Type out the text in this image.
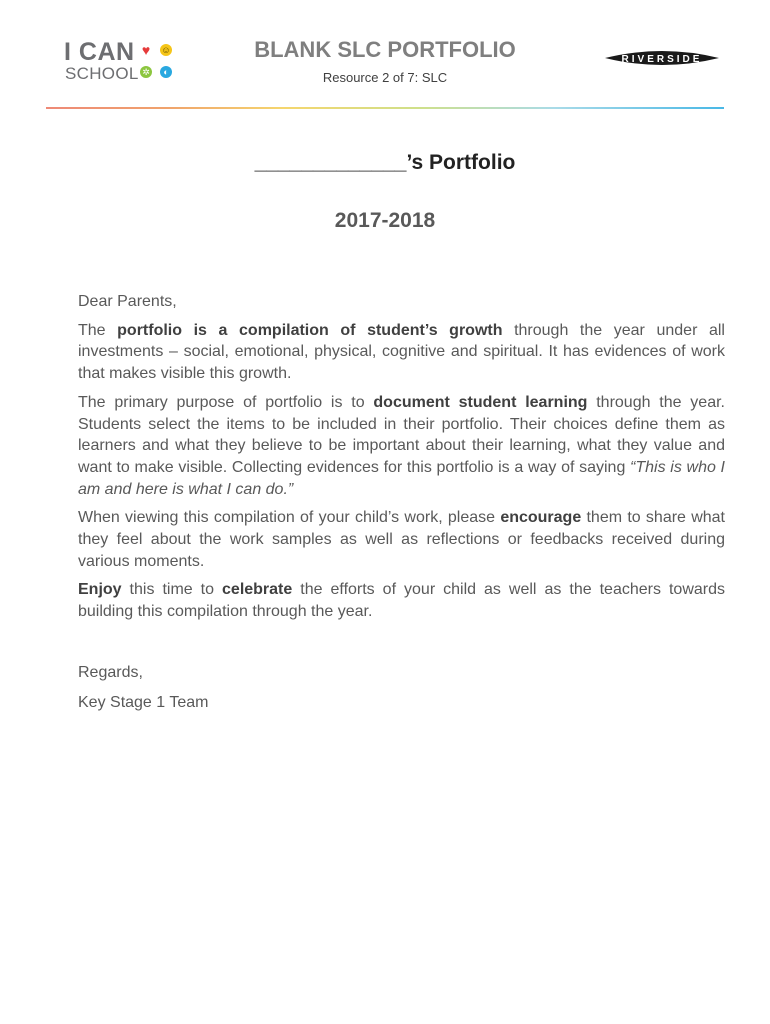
I CAN
SCHOOL
♥ ☺
✲	◐
BLANK SLC PORTFOLIO
Resource 2 of 7: SLC
RIVERSIDE
_____________’s Portfolio
2017-2018

Dear Parents,

The portfolio is a compilation of student’s growth through the year under all investments – social, emotional, physical, cognitive and spiritual. It has evidences of work that makes visible this growth.

The primary purpose of portfolio is to document student learning through the year. Students select the items to be included in their portfolio. Their choices define them as learners and what they believe to be important about their learning, what they value and want to make visible. Collecting evidences for this portfolio is a way of saying “This is who I am and here is what I can do.”

When viewing this compilation of your child’s work, please encourage them to share what they feel about the work samples as well as reflections or feedbacks received during various moments.

Enjoy this time to celebrate the efforts of your child as well as the teachers towards building this compilation through the year.

Regards,
Key Stage 1 Team
